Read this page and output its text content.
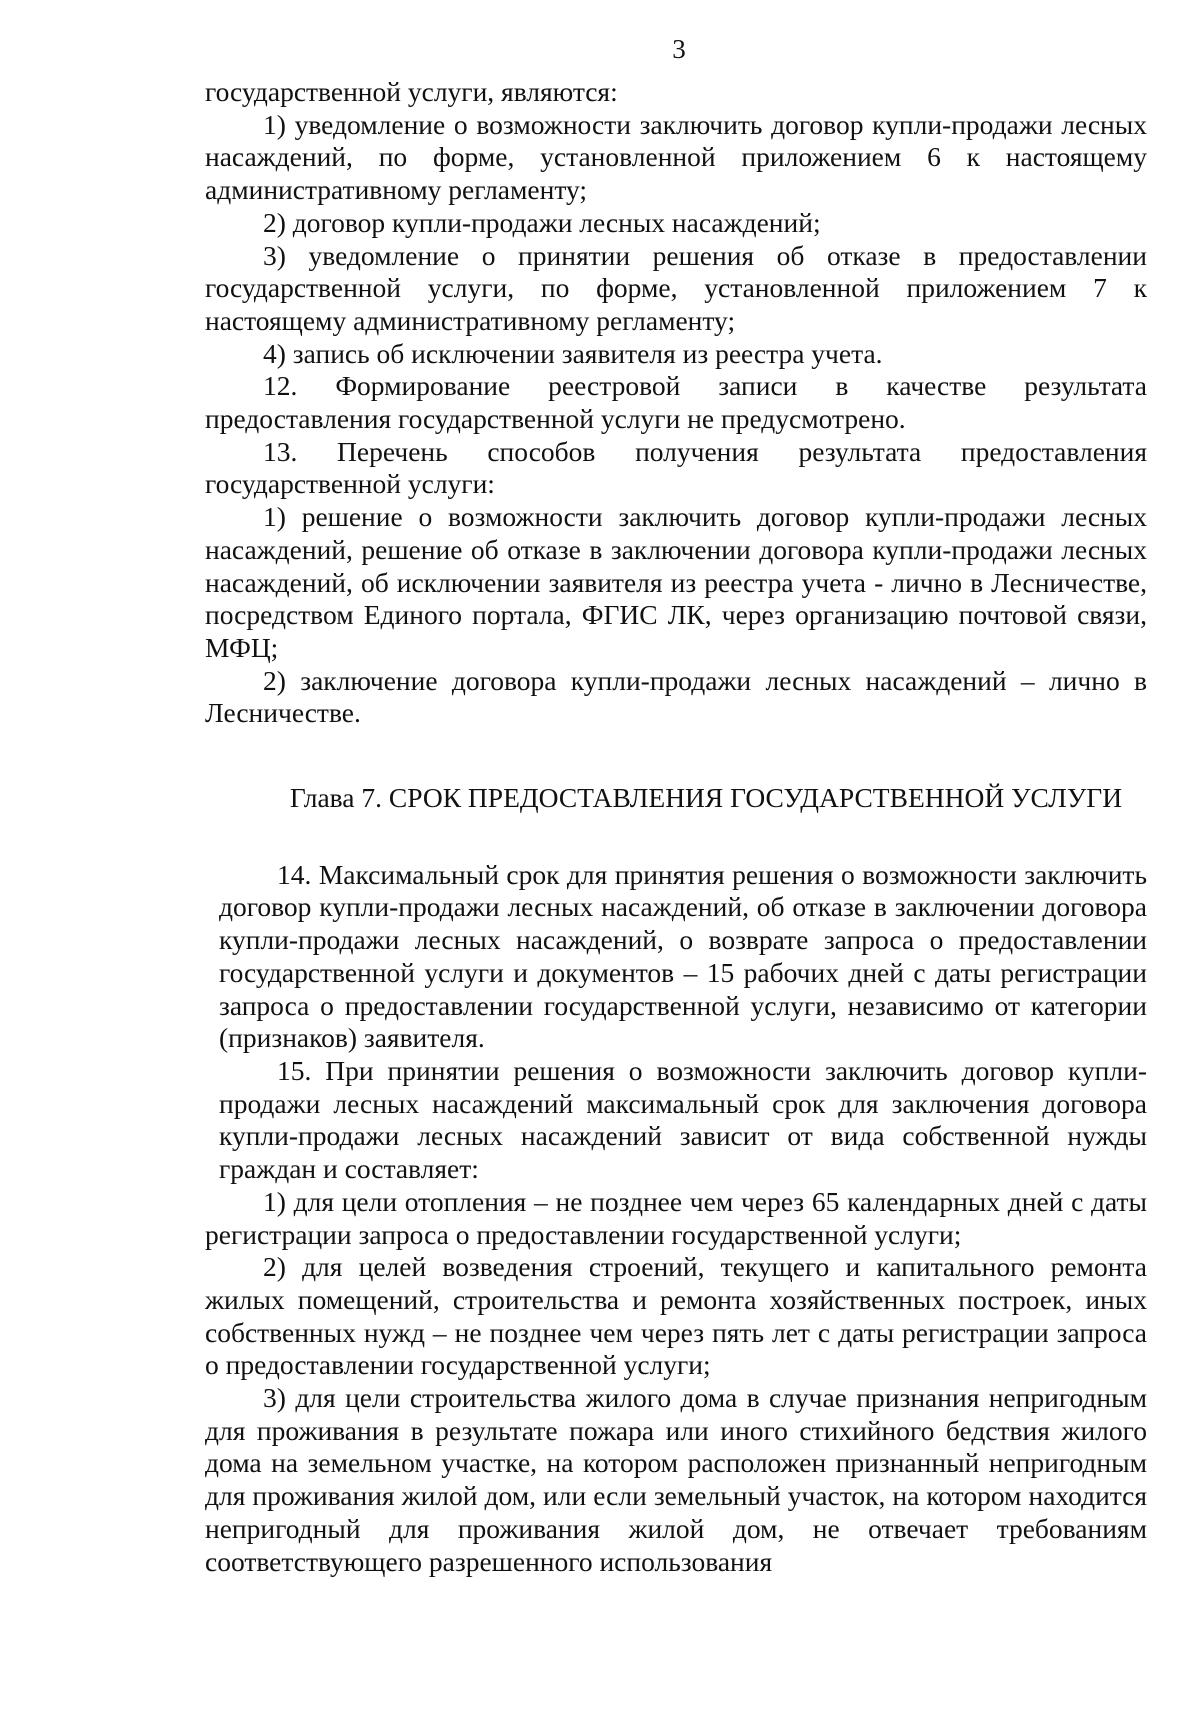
3

государственной услуги, являются:

1) уведомление о возможности заключить договор купли-продажи лесных насаждений, по форме, установленной приложением 6 к настоящему административному регламенту;

2) договор купли-продажи лесных насаждений;

3) уведомление о принятии решения об отказе в предоставлении государственной услуги, по форме, установленной приложением 7 к настоящему административному регламенту;

4) запись об исключении заявителя из реестра учета.

12. Формирование реестровой записи в качестве результата предоставления государственной услуги не предусмотрено.

13. Перечень способов получения результата предоставления государственной услуги:

1) решение о возможности заключить договор купли-продажи лесных насаждений, решение об отказе в заключении договора купли-продажи лесных насаждений, об исключении заявителя из реестра учета - лично в Лесничестве, посредством Единого портала, ФГИС ЛК, через организацию почтовой связи, МФЦ;

2) заключение договора купли-продажи лесных насаждений – лично в Лесничестве.

Глава 7. СРОК ПРЕДОСТАВЛЕНИЯ ГОСУДАРСТВЕННОЙ УСЛУГИ

14. Максимальный срок для принятия решения о возможности заключить договор купли-продажи лесных насаждений, об отказе в заключении договора купли-продажи лесных насаждений, о возврате запроса о предоставлении государственной услуги и документов – 15 рабочих дней с даты регистрации запроса о предоставлении государственной услуги, независимо от категории (признаков) заявителя.

15. При принятии решения о возможности заключить договор купли-продажи лесных насаждений максимальный срок для заключения договора купли-продажи лесных насаждений зависит от вида собственной нужды граждан и составляет:

1) для цели отопления – не позднее чем через 65 календарных дней с даты регистрации запроса о предоставлении государственной услуги;

2) для целей возведения строений, текущего и капитального ремонта жилых помещений, строительства и ремонта хозяйственных построек, иных собственных нужд – не позднее чем через пять лет с даты регистрации запроса о предоставлении государственной услуги;

3) для цели строительства жилого дома в случае признания непригодным для проживания в результате пожара или иного стихийного бедствия жилого дома на земельном участке, на котором расположен признанный непригодным для проживания жилой дом, или если земельный участок, на котором находится непригодный для проживания жилой дом, не отвечает требованиям соответствующего разрешенного использования
